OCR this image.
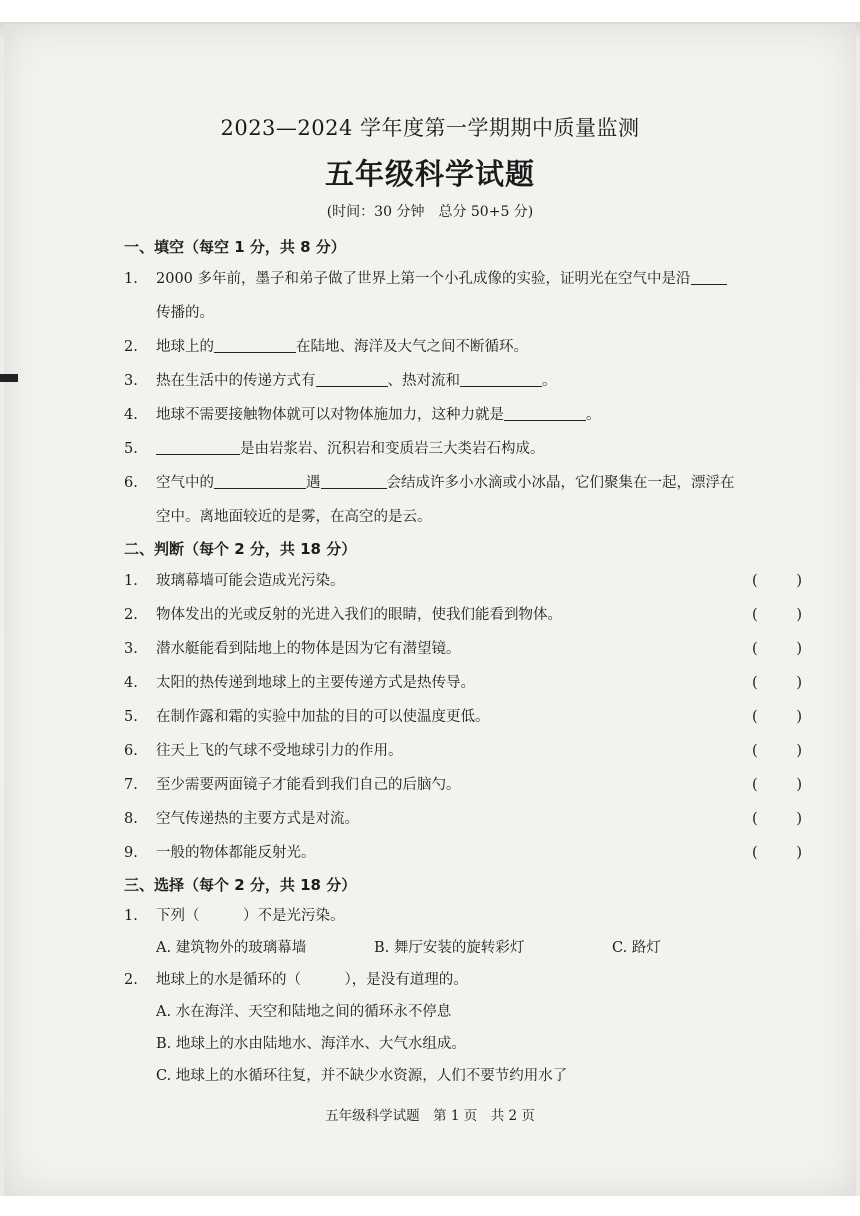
2023—2024 学年度第一学期期中质量监测
五年级科学试题
(时间：30 分钟　总分 50+5 分)
一、填空（每空 1 分，共 8 分）
1.	2000 多年前，墨子和弟子做了世界上第一个小孔成像的实验，证明光在空气中是沿
传播的。
2.	地球上的	在陆地、海洋及大气之间不断循环。
3.	热在生活中的传递方式有	、热对流和	。
4.	地球不需要接触物体就可以对物体施加力，这种力就是	。
5.	是由岩浆岩、沉积岩和变质岩三大类岩石构成。
6.	空气中的	遇	会结成许多小水滴或小冰晶，它们聚集在一起，漂浮在
空中。离地面较近的是雾，在高空的是云。
二、判断（每个 2 分，共 18 分）
1.	玻璃幕墙可能会造成光污染。	(	)
2.	物体发出的光或反射的光进入我们的眼睛，使我们能看到物体。	(	)
3.	潜水艇能看到陆地上的物体是因为它有潜望镜。	(	)
4.	太阳的热传递到地球上的主要传递方式是热传导。	(	)
5.	在制作露和霜的实验中加盐的目的可以使温度更低。	(	)
6.	往天上飞的气球不受地球引力的作用。	(	)
7.	至少需要两面镜子才能看到我们自己的后脑勺。	(	)
8.	空气传递热的主要方式是对流。	(	)
9.	一般的物体都能反射光。	(	)
三、选择（每个 2 分，共 18 分）
1.	下列（　　　）不是光污染。
A. 建筑物外的玻璃幕墙	B. 舞厅安装的旋转彩灯	C. 路灯
2.	地球上的水是循环的（　　　），是没有道理的。
A. 水在海洋、天空和陆地之间的循环永不停息
B. 地球上的水由陆地水、海洋水、大气水组成。
C. 地球上的水循环往复，并不缺少水资源，人们不要节约用水了
五年级科学试题　第 1 页　共 2 页
